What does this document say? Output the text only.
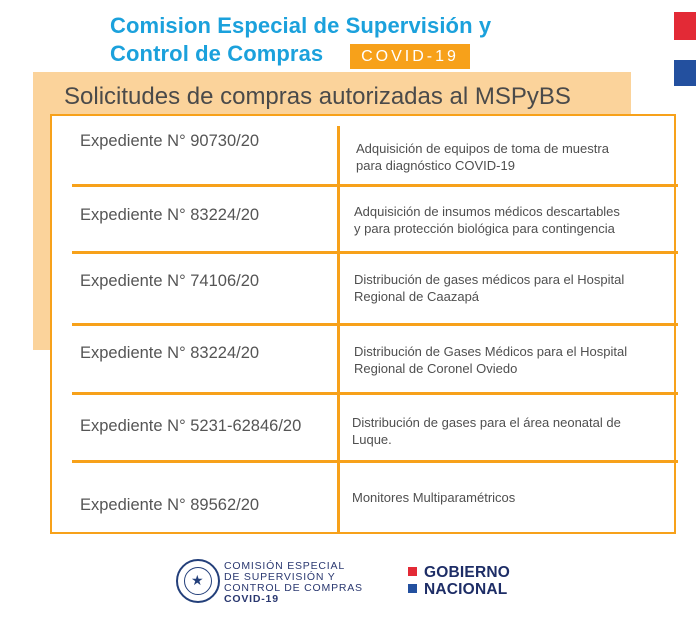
Comision Especial de Supervisión y
Control de Compras	COVID-19
Solicitudes de compras autorizadas al MSPyBS
Expediente N° 90730/20	Adquisición de equipos de toma de muestra
para diagnóstico COVID-19
Expediente N° 83224/20	Adquisición de insumos médicos descartables
y para protección biológica para contingencia
Expediente N° 74106/20	Distribución de gases médicos para el Hospital
Regional de Caazapá
Expediente N° 83224/20	Distribución de Gases Médicos para el Hospital
Regional de Coronel Oviedo
Expediente N° 5231-62846/20	Distribución de gases para el área neonatal de
Luque.
Expediente N° 89562/20	Monitores Multiparamétricos
★
COMISIÓN ESPECIAL
DE SUPERVISIÓN Y
CONTROL DE COMPRAS
COVID-19
GOBIERNO
NACIONAL
